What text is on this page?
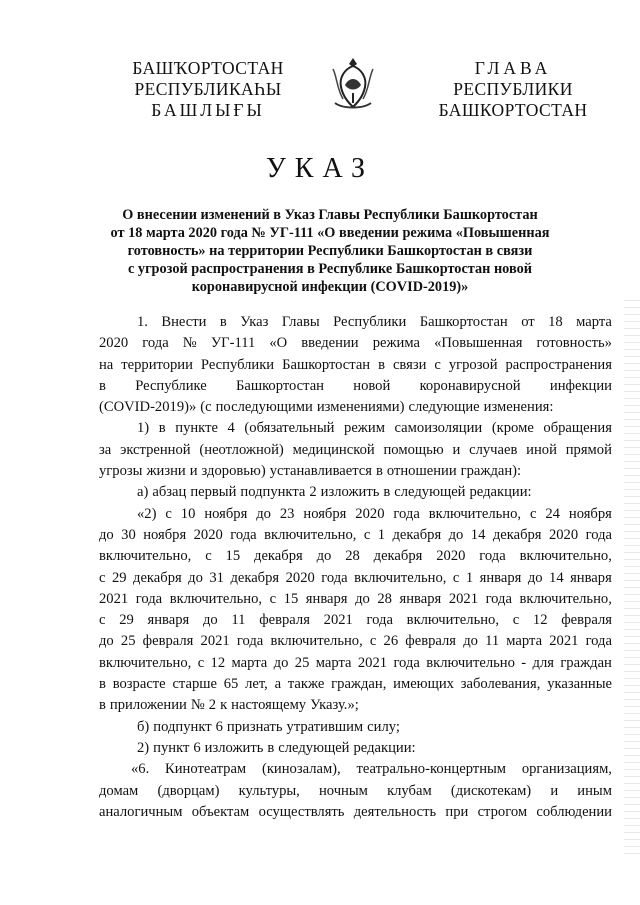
БАШҠОРТОСТАН
РЕСПУБЛИКАҺЫ
БАШЛЫҒЫ
ГЛАВА
РЕСПУБЛИКИ
БАШКОРТОСТАН
УКАЗ
О внесении изменений в Указ Главы Республики Башкортостан
от 18 марта 2020 года № УГ-111 «О введении режима «Повышенная
готовность» на территории Республики Башкортостан в связи
с угрозой распространения в Республике Башкортостан новой
коронавирусной инфекции (COVID-2019)»
1. Внести в Указ Главы Республики Башкортостан от 18 марта
2020 года № УГ-111 «О введении режима «Повышенная готовность»
на территории Республики Башкортостан в связи с угрозой распространения
в Республике Башкортостан новой коронавирусной инфекции
(COVID-2019)» (с последующими изменениями) следующие изменения:
1) в пункте 4 (обязательный режим самоизоляции (кроме обращения
за экстренной (неотложной) медицинской помощью и случаев иной прямой
угрозы жизни и здоровью) устанавливается в отношении граждан):
а) абзац первый подпункта 2 изложить в следующей редакции:
«2) с 10 ноября до 23 ноября 2020 года включительно, с 24 ноября
до 30 ноября 2020 года включительно, с 1 декабря до 14 декабря 2020 года
включительно, с 15 декабря до 28 декабря 2020 года включительно,
с 29 декабря до 31 декабря 2020 года включительно, с 1 января до 14 января
2021 года включительно, с 15 января до 28 января 2021 года включительно,
с 29 января до 11 февраля 2021 года включительно, с 12 февраля
до 25 февраля 2021 года включительно, с 26 февраля до 11 марта 2021 года
включительно, с 12 марта до 25 марта 2021 года включительно - для граждан
в возрасте старше 65 лет, а также граждан, имеющих заболевания, указанные
в приложении № 2 к настоящему Указу.»;
б) подпункт 6 признать утратившим силу;
2) пункт 6 изложить в следующей редакции:
«6. Кинотеатрам (кинозалам), театрально-концертным организациям,
домам (дворцам) культуры, ночным клубам (дискотекам) и иным
аналогичным объектам осуществлять деятельность при строгом соблюдении
